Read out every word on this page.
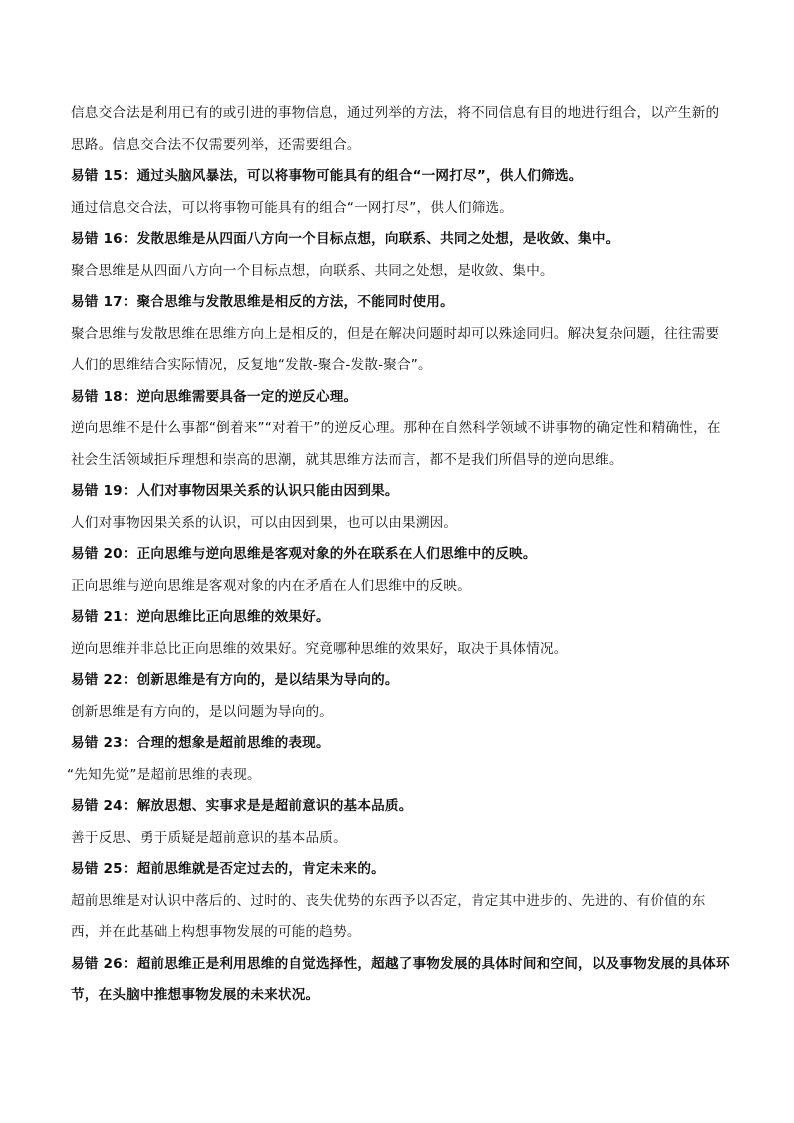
信息交合法是利用已有的或引进的事物信息，通过列举的方法，将不同信息有目的地进行组合，以产生新的思路。信息交合法不仅需要列举，还需要组合。

易错 15：通过头脑风暴法，可以将事物可能具有的组合“一网打尽”，供人们筛选。

通过信息交合法，可以将事物可能具有的组合“一网打尽”，供人们筛选。

易错 16：发散思维是从四面八方向一个目标点想，向联系、共同之处想，是收敛、集中。

聚合思维是从四面八方向一个目标点想，向联系、共同之处想，是收敛、集中。

易错 17：聚合思维与发散思维是相反的方法，不能同时使用。

聚合思维与发散思维在思维方向上是相反的，但是在解决问题时却可以殊途同归。解决复杂问题，往往需要人们的思维结合实际情况，反复地“发散-聚合-发散-聚合”。

易错 18：逆向思维需要具备一定的逆反心理。

逆向思维不是什么事都“倒着来”“对着干”的逆反心理。那种在自然科学领域不讲事物的确定性和精确性，在社会生活领域拒斥理想和崇高的思潮，就其思维方法而言，都不是我们所倡导的逆向思维。

易错 19：人们对事物因果关系的认识只能由因到果。

人们对事物因果关系的认识，可以由因到果，也可以由果溯因。

易错 20：正向思维与逆向思维是客观对象的外在联系在人们思维中的反映。

正向思维与逆向思维是客观对象的内在矛盾在人们思维中的反映。

易错 21：逆向思维比正向思维的效果好。

逆向思维并非总比正向思维的效果好。究竟哪种思维的效果好，取决于具体情况。

易错 22：创新思维是有方向的，是以结果为导向的。

创新思维是有方向的，是以问题为导向的。

易错 23：合理的想象是超前思维的表现。

“先知先觉”是超前思维的表现。

易错 24：解放思想、实事求是是超前意识的基本品质。

善于反思、勇于质疑是超前意识的基本品质。

易错 25：超前思维就是否定过去的，肯定未来的。

超前思维是对认识中落后的、过时的、丧失优势的东西予以否定，肯定其中进步的、先进的、有价值的东西，并在此基础上构想事物发展的可能的趋势。

易错 26：超前思维正是利用思维的自觉选择性，超越了事物发展的具体时间和空间，以及事物发展的具体环节，在头脑中推想事物发展的未来状况。
